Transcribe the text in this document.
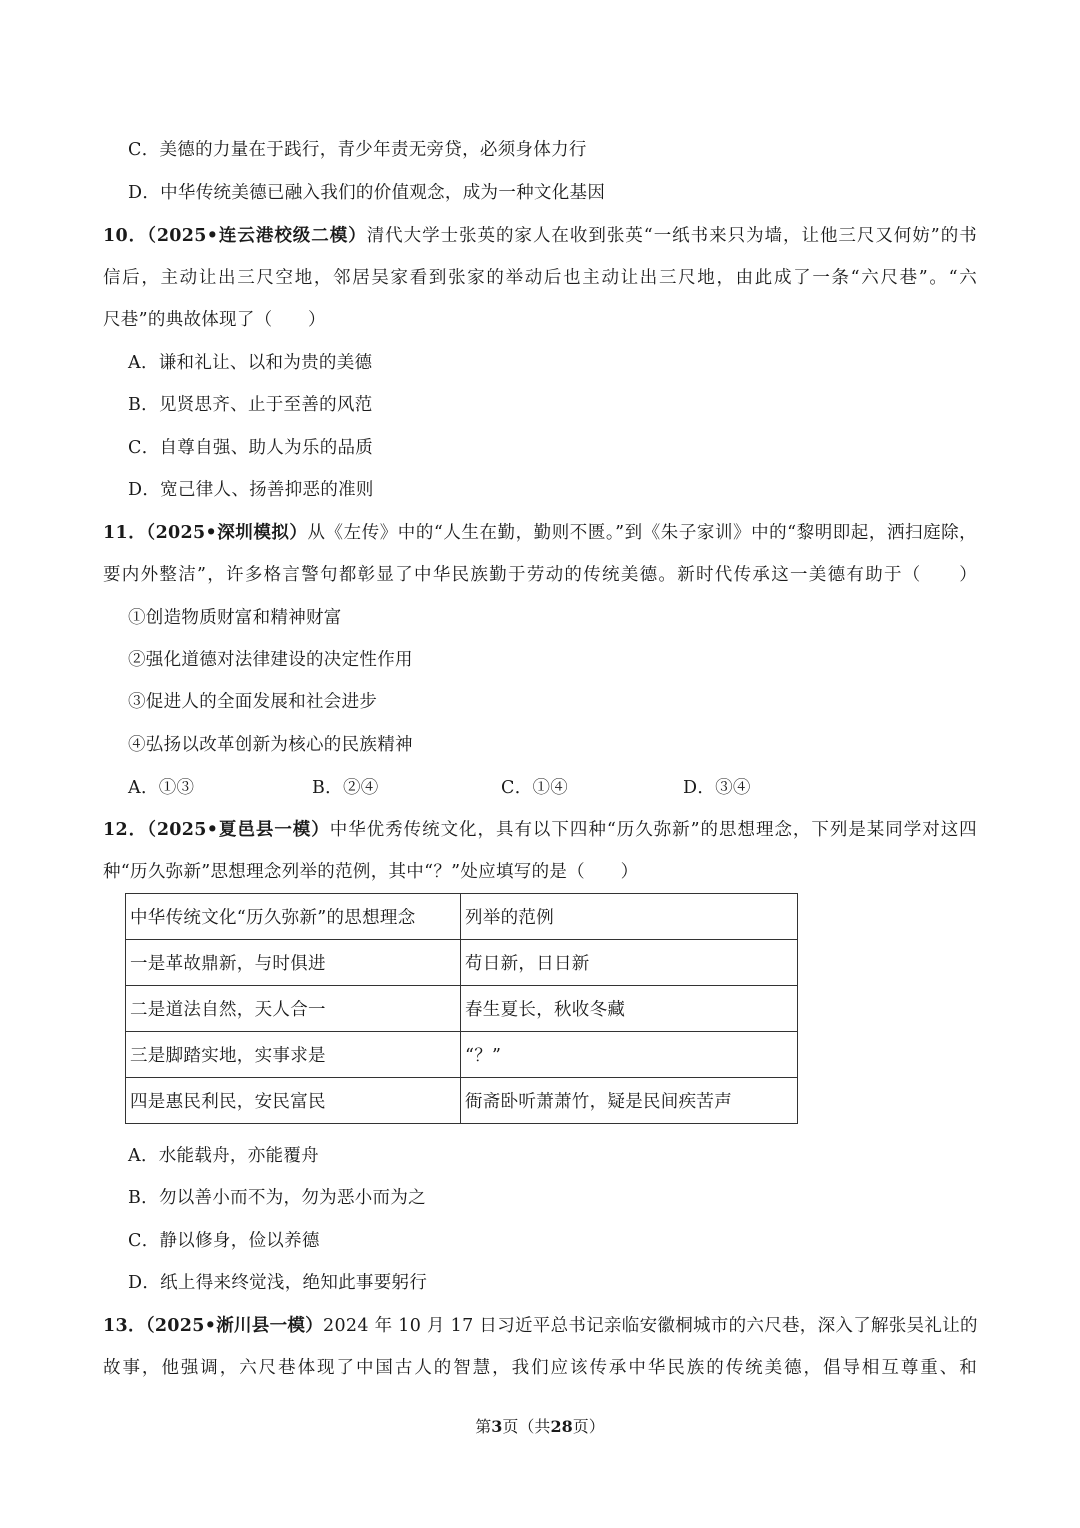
C．美德的力量在于践行，青少年责无旁贷，必须身体力行
D．中华传统美德已融入我们的价值观念，成为一种文化基因
10．（2025•连云港校级二模）清代大学士张英的家人在收到张英“一纸书来只为墙，让他三尺又何妨”的书
信后，主动让出三尺空地，邻居吴家看到张家的举动后也主动让出三尺地，由此成了一条“六尺巷”。“六
尺巷”的典故体现了（　　）
A．谦和礼让、以和为贵的美德
B．见贤思齐、止于至善的风范
C．自尊自强、助人为乐的品质
D．宽己律人、扬善抑恶的准则
11．（2025•深圳模拟）从《左传》中的“人生在勤，勤则不匮。”到《朱子家训》中的“黎明即起，洒扫庭除，
要内外整洁”，许多格言警句都彰显了中华民族勤于劳动的传统美德。新时代传承这一美德有助于（　　）
①创造物质财富和精神财富
②强化道德对法律建设的决定性作用
③促进人的全面发展和社会进步
④弘扬以改革创新为核心的民族精神
A．①③	B．②④	C．①④	D．③④
12．（2025•夏邑县一模）中华优秀传统文化，具有以下四种“历久弥新”的思想理念，下列是某同学对这四
种“历久弥新”思想理念列举的范例，其中“？”处应填写的是（　　）
中华传统文化“历久弥新”的思想理念	列举的范例
一是革故鼎新，与时俱进	苟日新，日日新
二是道法自然，天人合一	春生夏长，秋收冬藏
三是脚踏实地，实事求是	“？”
四是惠民利民，安民富民	衙斋卧听萧萧竹，疑是民间疾苦声
A．水能载舟，亦能覆舟
B．勿以善小而不为，勿为恶小而为之
C．静以修身，俭以养德
D．纸上得来终觉浅，绝知此事要躬行
13．（2025•淅川县一模）2024 年 10 月 17 日习近平总书记亲临安徽桐城市的六尺巷，深入了解张吴礼让的
故事，他强调，六尺巷体现了中国古人的智慧，我们应该传承中华民族的传统美德，倡导相互尊重、和
第3页（共28页）
